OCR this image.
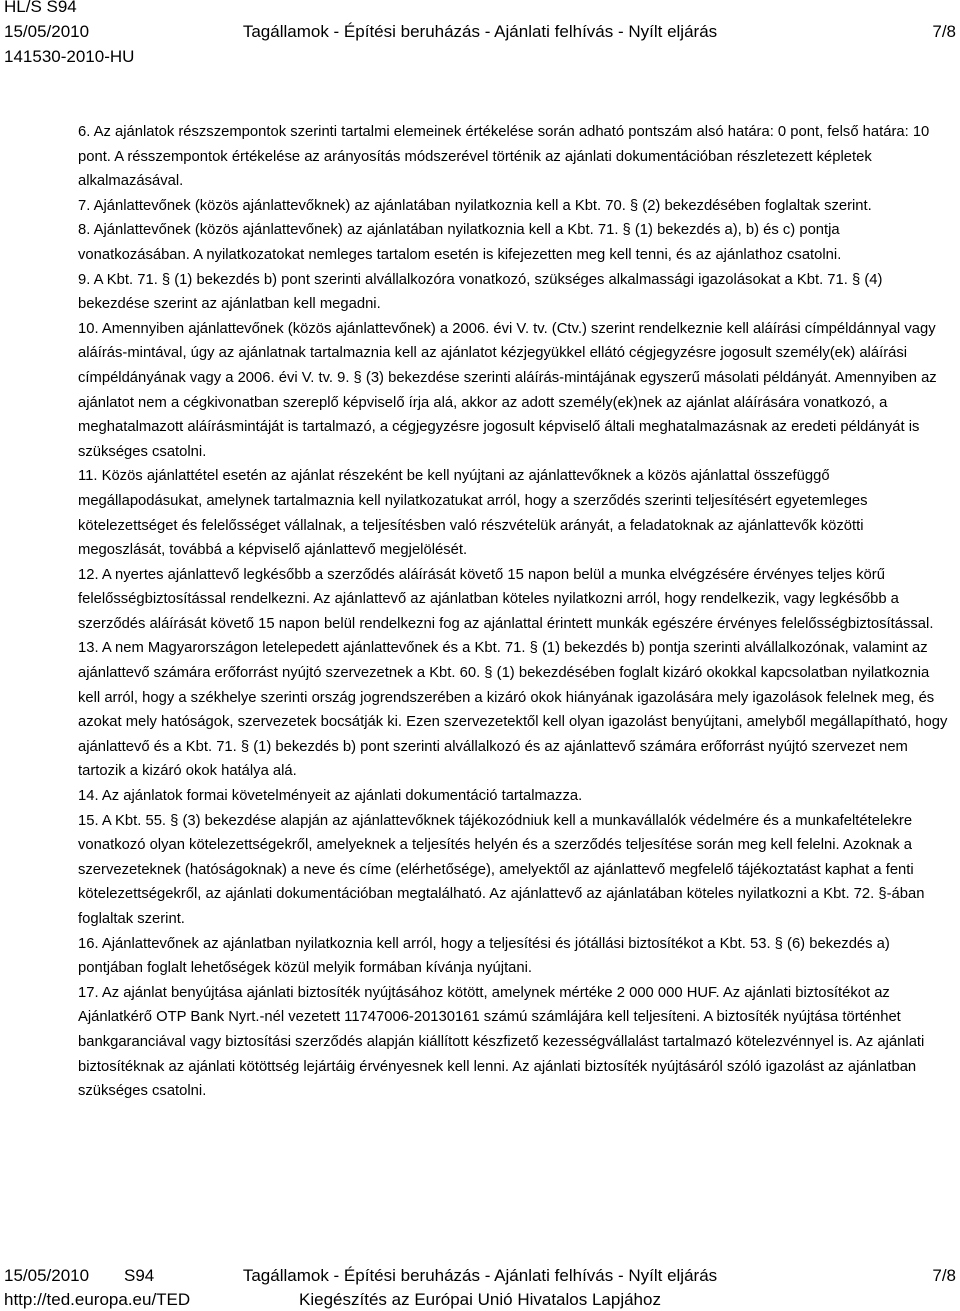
HL/S S94
15/05/2010
141530-2010-HU
Tagállamok - Építési beruházás - Ajánlati felhívás - Nyílt eljárás	7/8

6. Az ajánlatok részszempontok szerinti tartalmi elemeinek értékelése során adható pontszám alsó határa: 0 pont, felső határa: 10 pont. A résszempontok értékelése az arányosítás módszerével történik az ajánlati dokumentációban részletezett képletek alkalmazásával.

7. Ajánlattevőnek (közös ajánlattevőknek) az ajánlatában nyilatkoznia kell a Kbt. 70. § (2) bekezdésében foglaltak szerint.

8. Ajánlattevőnek (közös ajánlattevőnek) az ajánlatában nyilatkoznia kell a Kbt. 71. § (1) bekezdés a), b) és c) pontja vonatkozásában. A nyilatkozatokat nemleges tartalom esetén is kifejezetten meg kell tenni, és az ajánlathoz csatolni.

9. A Kbt. 71. § (1) bekezdés b) pont szerinti alvállalkozóra vonatkozó, szükséges alkalmassági igazolásokat a Kbt. 71. § (4) bekezdése szerint az ajánlatban kell megadni.

10. Amennyiben ajánlattevőnek (közös ajánlattevőnek) a 2006. évi V. tv. (Ctv.) szerint rendelkeznie kell aláírási címpéldánnyal vagy aláírás-mintával, úgy az ajánlatnak tartalmaznia kell az ajánlatot kézjegyükkel ellátó cégjegyzésre jogosult személy(ek) aláírási címpéldányának vagy a 2006. évi V. tv. 9. § (3) bekezdése szerinti aláírás-mintájának egyszerű másolati példányát. Amennyiben az ajánlatot nem a cégkivonatban szereplő képviselő írja alá, akkor az adott személy(ek)nek az ajánlat aláírására vonatkozó, a meghatalmazott aláírásmintáját is tartalmazó, a cégjegyzésre jogosult képviselő általi meghatalmazásnak az eredeti példányát is szükséges csatolni.

11. Közös ajánlattétel esetén az ajánlat részeként be kell nyújtani az ajánlattevőknek a közös ajánlattal összefüggő megállapodásukat, amelynek tartalmaznia kell nyilatkozatukat arról, hogy a szerződés szerinti teljesítésért egyetemleges kötelezettséget és felelősséget vállalnak, a teljesítésben való részvételük arányát, a feladatoknak az ajánlattevők közötti megoszlását, továbbá a képviselő ajánlattevő megjelölését.

12. A nyertes ajánlattevő legkésőbb a szerződés aláírását követő 15 napon belül a munka elvégzésére érvényes teljes körű felelősségbiztosítással rendelkezni. Az ajánlattevő az ajánlatban köteles nyilatkozni arról, hogy rendelkezik, vagy legkésőbb a szerződés aláírását követő 15 napon belül rendelkezni fog az ajánlattal érintett munkák egészére érvényes felelősségbiztosítással.

13. A nem Magyarországon letelepedett ajánlattevőnek és a Kbt. 71. § (1) bekezdés b) pontja szerinti alvállalkozónak, valamint az ajánlattevő számára erőforrást nyújtó szervezetnek a Kbt. 60. § (1) bekezdésében foglalt kizáró okokkal kapcsolatban nyilatkoznia kell arról, hogy a székhelye szerinti ország jogrendszerében a kizáró okok hiányának igazolására mely igazolások felelnek meg, és azokat mely hatóságok, szervezetek bocsátják ki. Ezen szervezetektől kell olyan igazolást benyújtani, amelyből megállapítható, hogy ajánlattevő és a Kbt. 71. § (1) bekezdés b) pont szerinti alvállalkozó és az ajánlattevő számára erőforrást nyújtó szervezet nem tartozik a kizáró okok hatálya alá.

14. Az ajánlatok formai követelményeit az ajánlati dokumentáció tartalmazza.

15. A Kbt. 55. § (3) bekezdése alapján az ajánlattevőknek tájékozódniuk kell a munkavállalók védelmére és a munkafeltételekre vonatkozó olyan kötelezettségekről, amelyeknek a teljesítés helyén és a szerződés teljesítése során meg kell felelni. Azoknak a szervezeteknek (hatóságoknak) a neve és címe (elérhetősége), amelyektől az ajánlattevő megfelelő tájékoztatást kaphat a fenti kötelezettségekről, az ajánlati dokumentációban megtalálható. Az ajánlattevő az ajánlatában köteles nyilatkozni a Kbt. 72. §-ában foglaltak szerint.

16. Ajánlattevőnek az ajánlatban nyilatkoznia kell arról, hogy a teljesítési és jótállási biztosítékot a Kbt. 53. § (6) bekezdés a) pontjában foglalt lehetőségek közül melyik formában kívánja nyújtani.

17. Az ajánlat benyújtása ajánlati biztosíték nyújtásához kötött, amelynek mértéke 2 000 000 HUF. Az ajánlati biztosítékot az Ajánlatkérő OTP Bank Nyrt.-nél vezetett 11747006-20130161 számú számlájára kell teljesíteni. A biztosíték nyújtása történhet bankgaranciával vagy biztosítási szerződés alapján kiállított készfizető kezességvállalást tartalmazó kötelezvénnyel is. Az ajánlati biztosítéknak az ajánlati kötöttség lejártáig érvényesnek kell lenni. Az ajánlati biztosíték nyújtásáról szóló igazolást az ajánlatban szükséges csatolni.

15/05/2010 S94
http://ted.europa.eu/TED
Tagállamok - Építési beruházás - Ajánlati felhívás - Nyílt eljárás
Kiegészítés az Európai Unió Hivatalos Lapjához
7/8
